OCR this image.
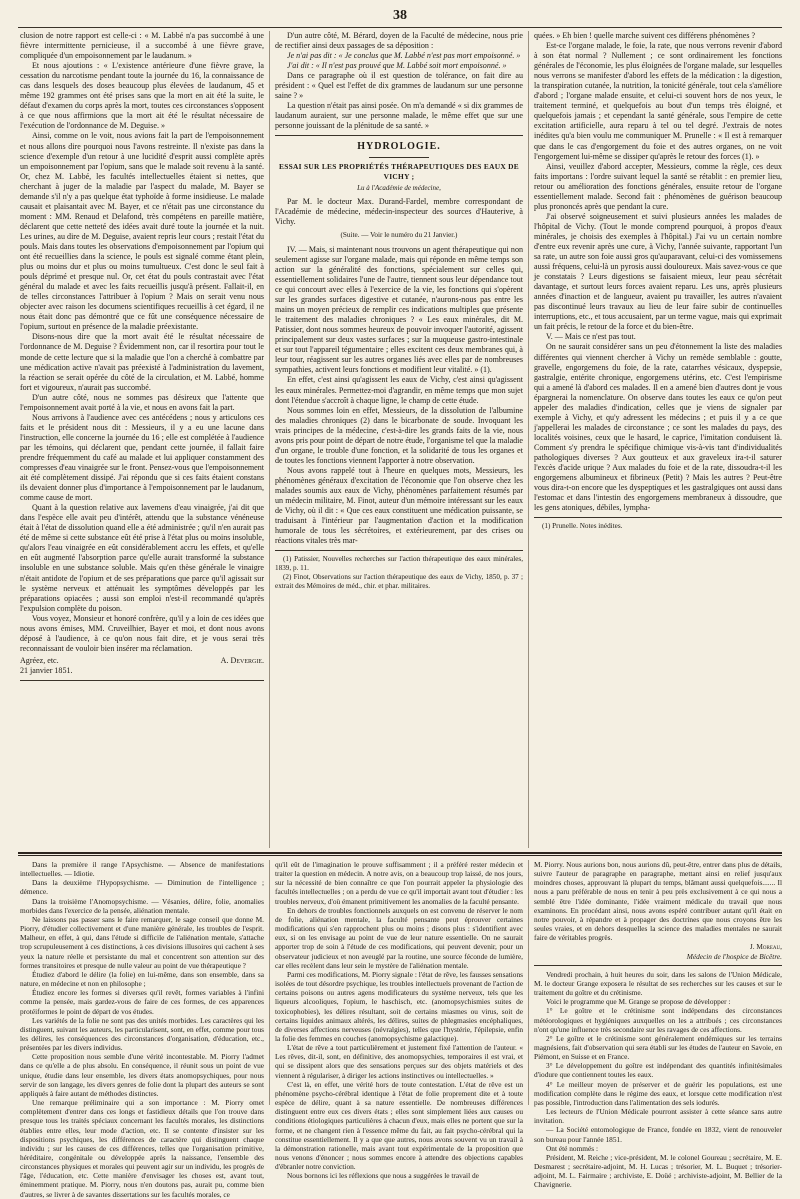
38

clusion de notre rapport est celle-ci : « M. Labbé n'a pas succombé à une fièvre intermittente pernicieuse, il a succombé à une fièvre grave, compliquée d'un empoisonnement par le laudanum. »

Et nous ajoutions : « L'existence antérieure d'une fièvre grave, la cessation du narcotisme pendant toute la journée du 16, la connaissance de cas dans lesquels des doses beaucoup plus élevées de laudanum, 45 et même 192 grammes ont été prises sans que la mort en ait été la suite, le défaut d'examen du corps après la mort, toutes ces circonstances s'opposent à ce que nous affirmions que la mort ait été le résultat nécessaire de l'exécution de l'ordonnance de M. Deguise. »

Ainsi, comme on le voit, nous avions fait la part de l'empoisonnement et nous allons dire pourquoi nous l'avons restreinte. Il n'existe pas dans la science d'exemple d'un retour à une lucidité d'esprit aussi complète après un empoisonnement par l'opium, sans que le malade soit revenu à la santé. Or, chez M. Labbé, les facultés intellectuelles étaient si nettes, que cherchant à juger de la maladie par l'aspect du malade, M. Bayer se demande s'il n'y a pas quelque état typhoïde à forme insidieuse. Le malade causait et plaisantait avec M. Bayer, et ce n'était pas une circonstance du moment : MM. Renaud et Delafond, très compétens en pareille matière, déclarent que cette netteté des idées avait duré toute la journée et la nuit. Les urines, au dire de M. Deguise, avaient repris leur cours ; restait l'état du pouls. Mais dans toutes les observations d'empoisonnement par l'opium qui ont été recueillies dans la science, le pouls est signalé comme étant plein, plus ou moins dur et plus ou moins tumultueux. C'est donc le seul fait à pouls déprimé et presque nul. Or, cet état du pouls contrastait avec l'état général du malade et avec les faits recueillis jusqu'à présent. Fallait-il, en de telles circonstances l'attribuer à l'opium ? Mais on serait venu nous objecter avec raison les documens scientifiques recueillis à cet égard, il ne nous était donc pas démontré que ce fût une conséquence nécessaire de l'opium, surtout en présence de la maladie préexistante.

Disons-nous dire que la mort avait été le résultat nécessaire de l'ordonnance de M. Deguise ? Évidemment non, car il resortira pour tout le monde de cette lecture que si la maladie que l'on a cherché à combattre par une médication active n'avait pas préexisté à l'administration du lavement, la réaction se serait opérée du côté de la circulation, et M. Labbé, homme fort et vigoureux, n'aurait pas succombé.

D'un autre côté, nous ne sommes pas désireux que l'attente que l'empoisonnement avait porté à la vie, et nous en avons fait la part.

Nous arrivons à l'audience avec ces antécédens ; nous y articulons ces faits et le président nous dit : Messieurs, il y a eu une lacune dans l'instruction, elle concerne la journée du 16 ; elle est complétée à l'audience par les témoins, qui déclarent que, pendant cette journée, il fallait faire prendre fréquemment du café au malade et lui appliquer constamment des compresses d'eau vinaigrée sur le front. Pensez-vous que l'empoisonnement ait été complètement dissipé. J'ai répondu que si ces faits étaient constans ils devaient donner plus d'importance à l'empoisonnement par le laudanum, comme cause de mort.

Quant à la question relative aux lavemens d'eau vinaigrée, j'ai dit que dans l'espèce elle avait peu d'intérêt, attendu que la substance vénéneuse était à l'état de dissolution quand elle a été administrée ; qu'il n'en aurait pas été de même si cette substance eût été prise à l'état plus ou moins insoluble, qu'alors l'eau vinaigrée en eût considérablement accru les effets, et qu'elle en eût augmenté l'absorption parce qu'elle aurait transformé la substance insoluble en une substance soluble. Mais qu'en thèse générale le vinaigre n'était antidote de l'opium et de ses préparations que parce qu'il agissait sur le système nerveux et atténuait les symptômes développés par les préparations opiacées ; aussi son emploi n'est-il recommandé qu'après l'expulsion complète du poison.

Vous voyez, Monsieur et honoré confrère, qu'il y a loin de ces idées que nous avons émises, MM. Cruveilhier, Bayer et moi, et dont nous avons déposé à l'audience, à ce qu'on nous fait dire, et je vous serai très reconnaissant de vouloir bien insérer ma réclamation.

Agréez, etc.	A. Devergie.
21 janvier 1851.

D'un autre côté, M. Bérard, doyen de la Faculté de médecine, nous prie de rectifier ainsi deux passages de sa déposition :

Je n'ai pas dit : « Je conclus que M. Labbé n'est pas mort empoisonné. »

J'ai dit : « Il n'est pas prouvé que M. Labbé soit mort empoisonné. »

Dans ce paragraphe où il est question de tolérance, on fait dire au président : « Quel est l'effet de dix grammes de laudanum sur une personne saine ? »

La question n'était pas ainsi posée. On m'a demandé « si dix grammes de laudanum auraient, sur une personne malade, le même effet que sur une personne jouissant de la plénitude de sa santé. »

HYDROLOGIE.
ESSAI SUR LES PROPRIÉTÉS THÉRAPEUTIQUES DES EAUX DE VICHY ;
Lu à l'Académie de médecine,

Par M. le docteur Max. Durand-Fardel, membre correspondant de l'Académie de médecine, médecin-inspecteur des sources d'Hauterive, à Vichy.

(Suite. — Voir le numéro du 21 Janvier.)

IV. — Mais, si maintenant nous trouvons un agent thérapeutique qui non seulement agisse sur l'organe malade, mais qui réponde en même temps son action sur la généralité des fonctions, spécialement sur celles qui, essentiellement solidaires l'une de l'autre, tiennent sous leur dépendance tout ce qui concourt avec elles à l'exercice de la vie, les fonctions qui s'opèrent sur les grandes surfaces digestive et cutanée, n'aurons-nous pas entre les mains un moyen précieux de remplir ces indications multiples que présente le traitement des maladies chroniques ? « Les eaux minérales, dit M. Patissier, dont nous sommes heureux de pouvoir invoquer l'autorité, agissent principalement sur deux vastes surfaces ; sur la muqueuse gastro-intestinale et sur tout l'appareil tégumentaire ; elles excitent ces deux membranes qui, à leur tour, réagissent sur les autres organes liés avec elles par de nombreuses sympathies, activent leurs fonctions et modifient leur vitalité. » (1).

En effet, c'est ainsi qu'agissent les eaux de Vichy, c'est ainsi qu'agissent les eaux minérales. Permettez-moi d'agrandir, en même temps que mon sujet dont l'étendue s'accroît à chaque ligne, le champ de cette étude.

Nous sommes loin en effet, Messieurs, de la dissolution de l'albumine des maladies chroniques (2) dans le bicarbonate de soude. Invoquant les vrais principes de la médecine, c'est-à-dire les grands faits de la vie, nous avons pris pour point de départ de notre étude, l'organisme tel que la maladie d'un organe, le trouble d'une fonction, et la solidarité de tous les organes et de toutes les fonctions viennent l'apporter à notre observation.

Nous avons rappelé tout à l'heure en quelques mots, Messieurs, les phénomènes généraux d'excitation de l'économie que l'on observe chez les malades soumis aux eaux de Vichy, phénomènes parfaitement résumés par un médecin militaire, M. Finot, auteur d'un mémoire intéressant sur les eaux de Vichy, où il dit : « Que ces eaux constituent une médication puissante, se traduisant à l'intérieur par l'augmentation d'action et la modification humorale de tous les sécrétoires, et extérieurement, par des crises ou réactions vitales très mar-

(1) Patissier, Nouvelles recherches sur l'action thérapeutique des eaux minérales, 1839, p. 11.

(2) Finot, Observations sur l'action thérapeutique des eaux de Vichy, 1850, p. 37 ; extrait des Mémoires de méd., chir. et phar. militaires.

quées. » Eh bien ! quelle marche suivent ces différens phénomènes ?

Est-ce l'organe malade, le foie, la rate, que nous verrons revenir d'abord à son état normal ? Nullement ; ce sont ordinairement les fonctions générales de l'économie, les plus éloignées de l'organe malade, sur lesquelles nous verrons se manifester d'abord les effets de la médication : la digestion, la transpiration cutanée, la nutrition, la tonicité générale, tout cela s'améliore d'abord ; l'organe malade ensuite, et celui-ci souvent hors de nos yeux, le traitement terminé, et quelquefois au bout d'un temps très éloigné, et quelquefois jamais ; et cependant la santé générale, sous l'empire de cette excitation artificielle, aura reparu à tel ou tel degré. J'extrais de notes inédites qu'a bien voulu me communiquer M. Prunelle : « Il est à remarquer que dans le cas d'engorgement du foie et des autres organes, on ne voit l'engorgement lui-même se dissiper qu'après le retour des forces (1). »

Ainsi, veuillez d'abord accepter, Messieurs, comme la règle, ces deux faits importans : l'ordre suivant lequel la santé se rétablit : en premier lieu, retour ou amélioration des fonctions générales, ensuite retour de l'organe essentiellement malade. Second fait : phénomènes de guérison beaucoup plus prononcés après que pendant la cure.

J'ai observé soigneusement et suivi plusieurs années les malades de l'hôpital de Vichy. (Tout le monde comprend pourquoi, à propos d'eaux minérales, je choisis des exemples à l'hôpital.) J'ai vu un certain nombre d'entre eux revenir après une cure, à Vichy, l'année suivante, rapportant l'un sa rate, un autre son foie aussi gros qu'auparavant, celui-ci des vomissemens aussi fréquens, celui-là un pyrosis aussi douloureux. Mais savez-vous ce que je constatais ? Leurs digestions se faisaient mieux, leur peau sécrétait davantage, et surtout leurs forces avaient reparu. Les uns, après plusieurs années d'inaction et de langueur, avaient pu travailler, les autres n'avaient pas discontinué leurs travaux au lieu de leur faire subir de continuelles interruptions, etc., et tous accusaient, par un terme vague, mais qui exprimait un fait précis, le retour de la force et du bien-être.

V. — Mais ce n'est pas tout.

On ne saurait considérer sans un peu d'étonnement la liste des maladies différentes qui viennent chercher à Vichy un remède semblable : goutte, gravelle, engorgemens du foie, de la rate, catarrhes vésicaux, dyspepsie, gastralgie, entérite chronique, engorgemens utérins, etc. C'est l'empirisme qui a amené là d'abord ces malades. Il en a amené bien d'autres dont je vous épargnerai la nomenclature. On observe dans toutes les eaux ce qu'on peut appeler des maladies d'indication, celles que je viens de signaler par exemple à Vichy, et qu'y adressent les médecins ; et puis il y a ce que j'appellerai les malades de circonstance ; ce sont les malades du pays, des localités voisines, ceux que le hasard, le caprice, l'imitation conduisent là. Comment s'y prendra le spécifique chimique vis-à-vis tant d'individualités pathologiques diverses ? Aux goutteux et aux graveleux ira-t-il saturer l'excès d'acide urique ? Aux malades du foie et de la rate, dissoudra-t-il les engorgemens albumineux et fibrineux (Petit) ? Mais les autres ? Peut-être vous dira-t-on encore que les dyspeptiques et les gastralgiques ont aussi dans l'estomac et dans l'intestin des engorgemens membraneux à dissoudre, que les gens atoniques, débiles, lympha-

(1) Prunelle. Notes inédites.

Dans la première il range l'Apsychisme. — Absence de manifestations intellectuelles. — Idiotie.

Dans la deuxième l'Hypopsychisme. — Diminution de l'intelligence ; démence.

Dans la troisième l'Anomopsychisme. — Vésanies, délire, folie, anomalies morbides dans l'exercice de la pensée, aliénation mentale.

Ne laissons pas passer sans le faire remarquer, le sage conseil que donne M. Piorry, d'étudier collectivement et d'une manière générale, les troubles de l'esprit. Malheur, en effet, à qui, dans l'étude si difficile de l'aliénation mentale, s'attache trop scrupuleusement à ces distinctions, à ces divisions illusoires qui cachent à ses yeux la nature réelle et persistante du mal et concentrent son attention sur des formes transitoires et presque de nulle valeur au point de vue thérapeutique ?

Étudiez d'abord le délire (la folie) en lui-même, dans son ensemble, dans sa nature, en médecine et non en philosophe ;

Étudiez encore les formes si diverses qu'il revêt, formes variables à l'infini comme la pensée, mais gardez-vous de faire de ces formes, de ces apparences protéiformes le point de départ de vos études.

Les variétés de la folie ne sont pas des unités morbides. Les caractères qui les distinguent, suivant les auteurs, les particularisent, sont, en effet, comme pour tous les délires, les conséquences des circonstances d'organisation, d'éducation, etc., présentées par les divers individus.

Cette proposition nous semble d'une vérité incontestable. M. Piorry l'admet dans ce qu'elle a de plus absolu. En conséquence, il réunit sous un point de vue unique, étudie dans leur ensemble, les divers états anomopsychiques, pour nous servir de son langage, les divers genres de folie dont la plupart des auteurs se sont appliqués à faire autant de méthodes distinctes.

Une remarque préliminaire qui a son importance : M. Piorry omet complètement d'entrer dans ces longs et fastidieux détails que l'on trouve dans presque tous les traités spéciaux concernant les facultés morales, les distinctions établies entre elles, leur mode d'action, etc. Il se contente d'insister sur les dispositions psychiques, les différences de caractère qui distinguent chaque individu ; sur les causes de ces différences, telles que l'organisation primitive, héréditaire, congénitale ou développée après la naissance, l'ensemble des circonstances physiques et morales qui peuvent agir sur un individu, les progrès de l'âge, l'éducation, etc. Cette manière d'envisager les choses est, avant tout, éminemment pratique. M. Piorry, nous n'en doutons pas, aurait pu, comme bien d'autres, se livrer à de savantes dissertations sur les facultés morales, ce

qu'il eût de l'imagination le prouve suffisamment ; il a préféré rester médecin et traiter la question en médecin. A notre avis, on a beaucoup trop laissé, de nos jours, sur la nécessité de bien connaître ce que l'on pourrait appeler la physiologie des facultés intellectuelles ; on a perdu de vue ce qu'il importait avant tout d'étudier : les troubles nerveux, d'où émanent primitivement les anomalies de la faculté pensante.

En dehors de troubles fonctionnels auxquels on est convenu de réserver le nom de folie, aliénation mentale, la faculté pensante peut éprouver certaines modifications qui s'en rapprochent plus ou moins ; disons plus : s'identifient avec eux, si on les envisage au point de vue de leur nature essentielle. On ne saurait apporter trop de soin à l'étude de ces modifications, qui peuvent devenir, pour un observateur judicieux et non aveuglé par la routine, une source féconde de lumière, car elles recèlent dans leur sein le mystère de l'aliénation mentale.

Parmi ces modifications, M. Piorry signale : l'état de rêve, les fausses sensations isolées de tout désordre psychique, les troubles intellectuels provenant de l'action de certains poisons ou autres agens modificateurs du système nerveux, tels que les liqueurs alcooliques, l'opium, le haschisch, etc. (anomopsychismies suites de toxicophobies), les délires résultant, soit de certains miasmes ou virus, soit de certains liquides animaux altérés, les délires, suites de phlegmasies encéphaliques, de diverses affections nerveuses (névralgies), telles que l'hystérie, l'épilepsie, enfin la folie des femmes en couches (anomopsychisme galactique).

L'état de rêve a tout particulièrement et justement fixé l'attention de l'auteur. « Les rêves, dit-il, sont, en définitive, des anomopsychies, temporaires il est vrai, et qui se dissipent alors que des sensations perçues sur des objets matériels et des viennent à régulariser, à diriger les actions instinctives ou intellectuelles. »

C'est là, en effet, une vérité hors de toute contestation. L'état de rêve est un phénomène psycho-cérébral identique à l'état de folie proprement dite et à toute espèce de délire, quant à sa nature essentielle. De nombreuses différences distinguent entre eux ces divers états ; elles sont simplement liées aux causes ou conditions étiologiques particulières à chacun d'eux, mais elles ne portent que sur la forme, et ne changent rien à l'essence même du fait, au fait psycho-cérébral qui la constitue essentiellement. Il y a que que autres, nous avons souvent vu un travail à la démonstration rationelle, mais avant tout expérimentale de la proposition que nous venons d'énoncer ; nous sommes encore à attendre des objections capables d'ébranler notre conviction.

Nous bornons ici les réflexions que nous a suggérées le travail de

M. Piorry. Nous aurions bon, nous aurions dû, peut-être, entrer dans plus de détails, suivre l'auteur de paragraphe en paragraphe, mettant ainsi en relief jusqu'aux moindres choses, approuvant là plupart du temps, blâmant aussi quelquefois....... Il nous a paru préférable de nous en tenir à peu près exclusivement à ce qui nous a semblé être l'idée dominante, l'idée vraiment médicale du travail que nous examinons. En procédant ainsi, nous avons espéré contribuer autant qu'il était en notre pouvoir, à répandre et à propager des doctrines que nous croyons être les seules vraies, et en dehors desquelles la science des maladies mentales ne saurait faire de véritables progrès.

J. Moreau,
Médecin de l'hospice de Bicêtre.

Vendredi prochain, à huit heures du soir, dans les salons de l'Union Médicale, M. le docteur Grange exposera le résultat de ses recherches sur les causes et sur le traitement du goître et du crétinisme.

Voici le programme que M. Grange se propose de développer :

1° Le goître et le crétinisme sont indépendans des circonstances météorologiques et hygiéniques auxquelles on les a attribués ; ces circonstances n'ont qu'une influence très secondaire sur les ravages de ces affections.

2° Le goître et le crétinisme sont généralement endémiques sur les terrains magnésiens, fait d'observation qui sera établi sur les études de l'auteur en Savoie, en Piémont, en Suisse et en France.

3° Le développement du goître est indépendant des quantités infinitésimales d'iodure que contiennent toutes les eaux.

4° Le meilleur moyen de préserver et de guérir les populations, est une modification complète dans le régime des eaux, et lorsque cette modification n'est pas possible, l'introduction dans l'alimentation des sels iodurés.

Les lecteurs de l'Union Médicale pourront assister à cette séance sans autre invitation.

— La Société entomologique de France, fondée en 1832, vient de renouveler son bureau pour l'année 1851.

Ont été nommés :

Président, M. Reiche ; vice-président, M. le colonel Goureau ; secrétaire, M. E. Desmarest ; secrétaire-adjoint, M. H. Lucas ; trésorier, M. L. Buquet ; trésorier-adjoint, M. L. Fairmaire ; archiviste, E. Doüé ; archiviste-adjoint, M. Bellier de la Chavignerie.
